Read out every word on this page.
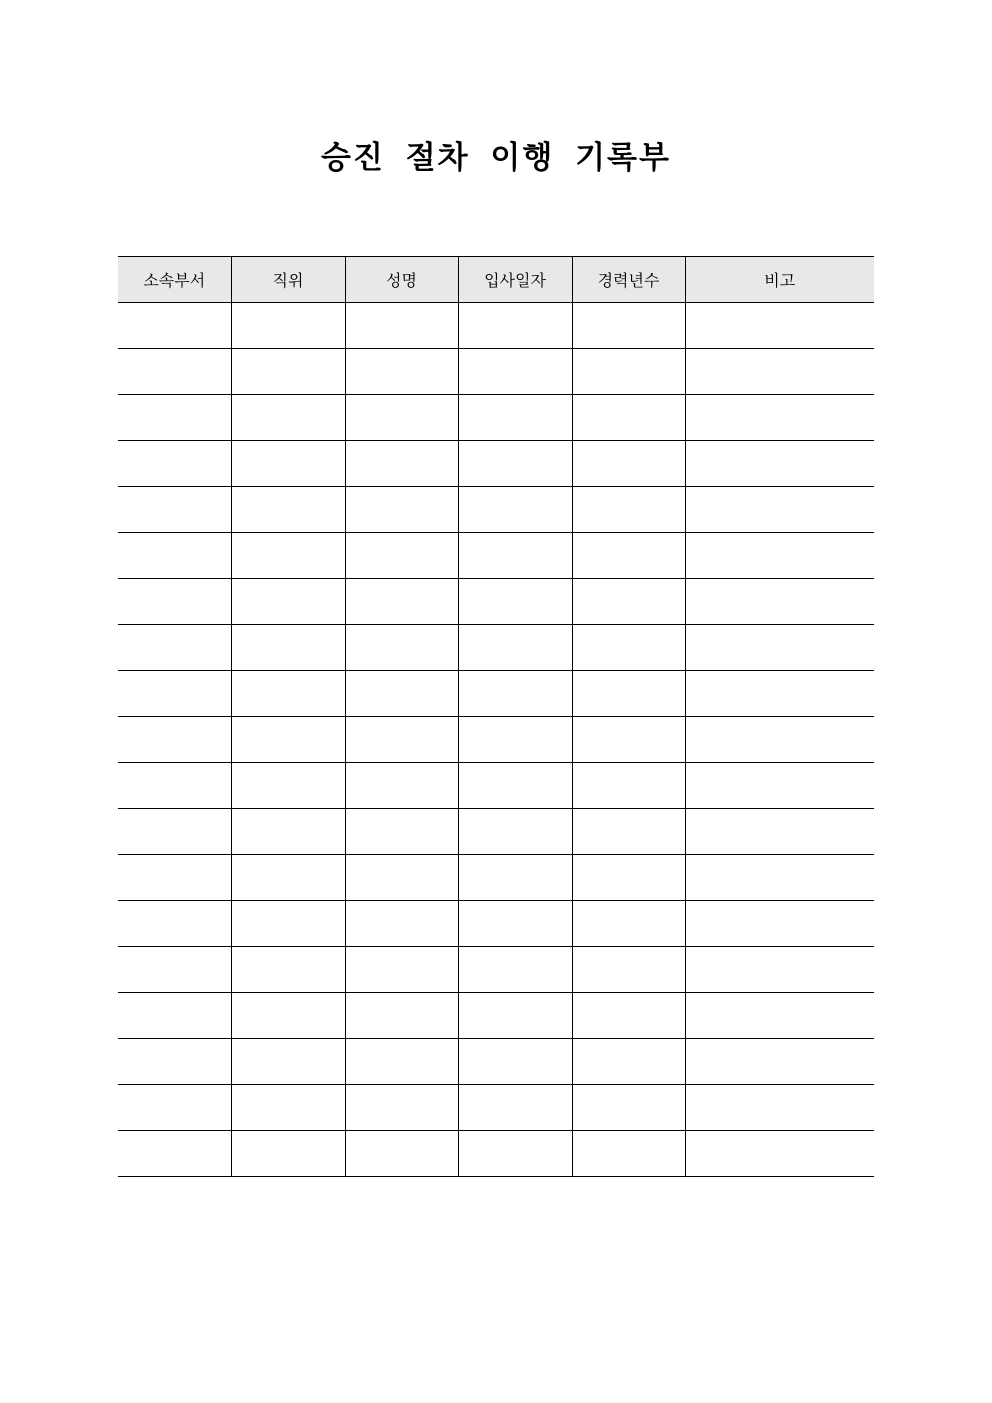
승진 절차 이행 기록부
소속부서	직위	성명	입사일자	경력년수	비고
